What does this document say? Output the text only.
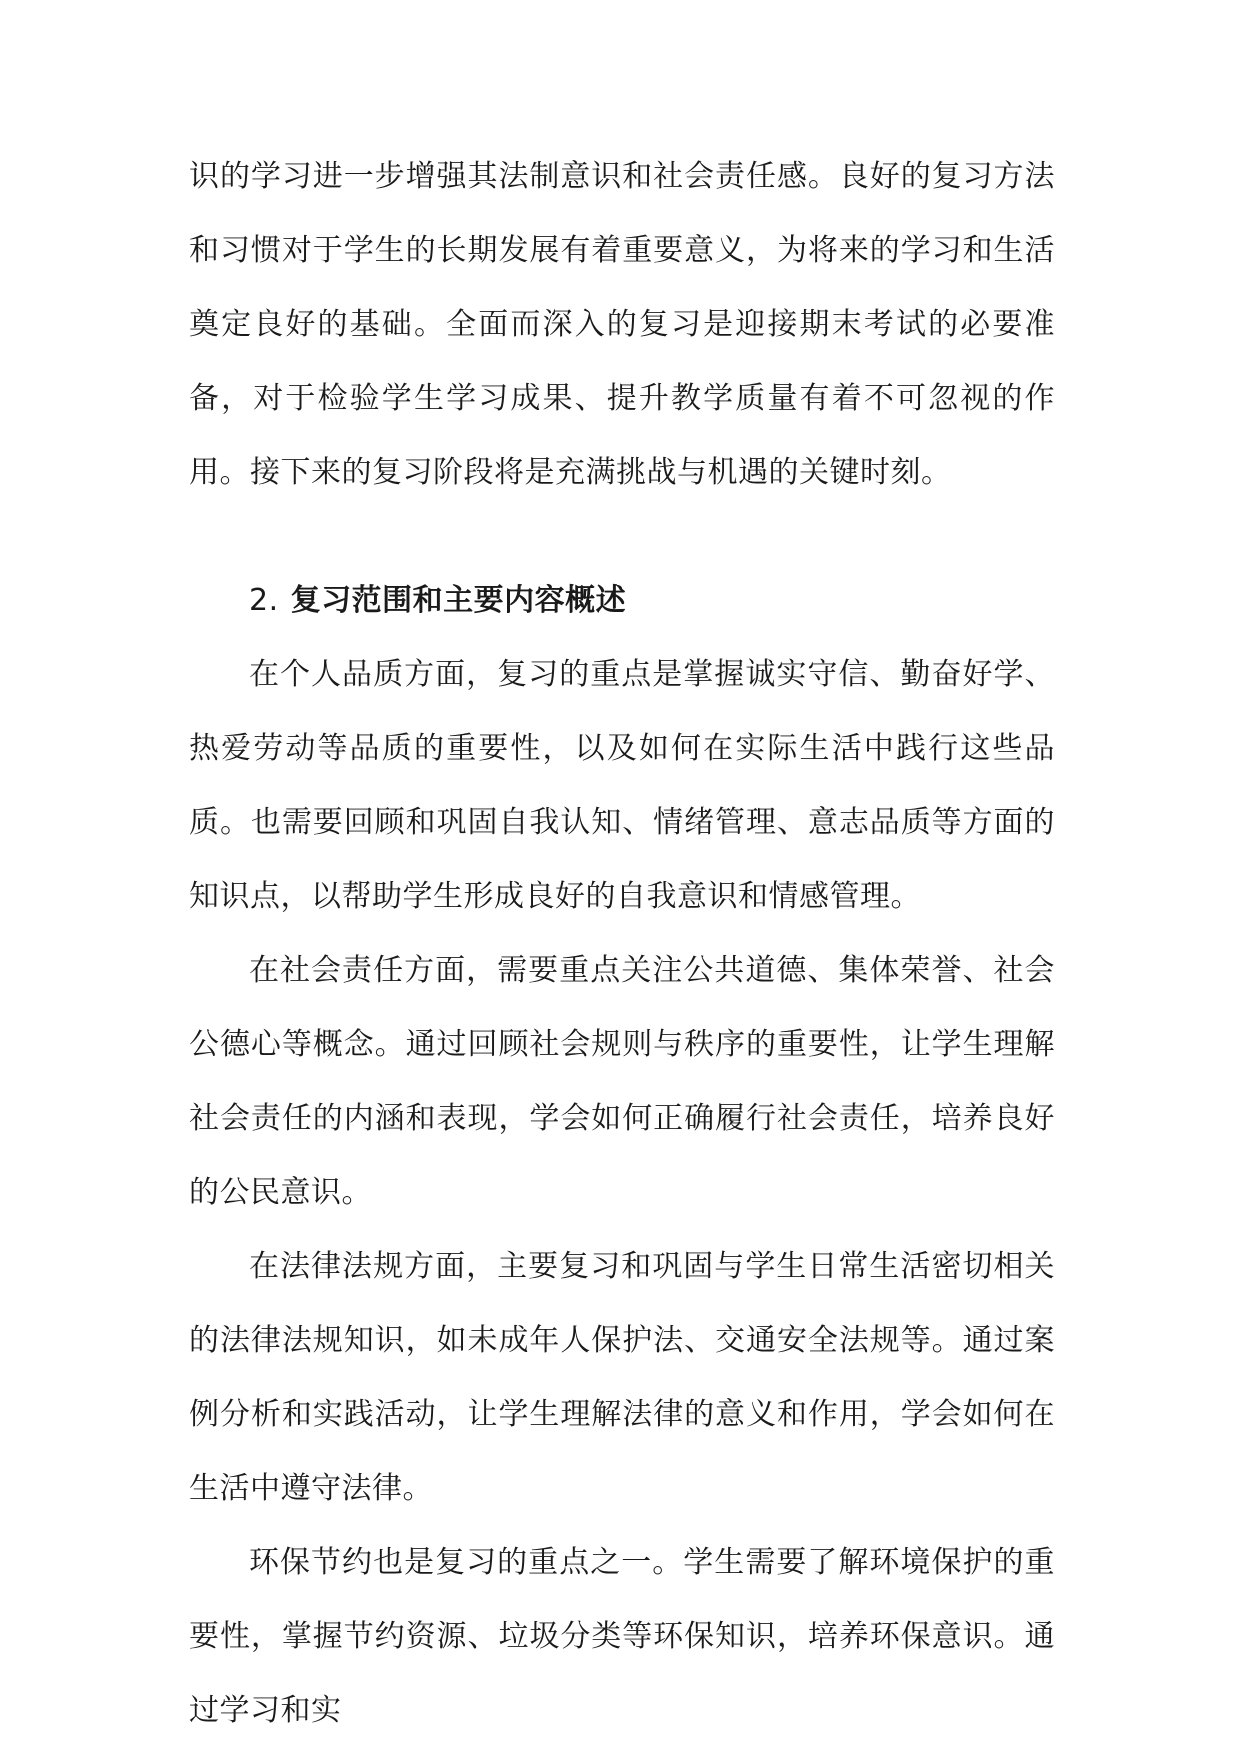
识的学习进一步增强其法制意识和社会责任感。良好的复习方法和习惯对于学生的长期发展有着重要意义，为将来的学习和生活奠定良好的基础。全面而深入的复习是迎接期末考试的必要准备，对于检验学生学习成果、提升教学质量有着不可忽视的作用。接下来的复习阶段将是充满挑战与机遇的关键时刻。

2. 复习范围和主要内容概述

在个人品质方面，复习的重点是掌握诚实守信、勤奋好学、热爱劳动等品质的重要性，以及如何在实际生活中践行这些品质。也需要回顾和巩固自我认知、情绪管理、意志品质等方面的知识点，以帮助学生形成良好的自我意识和情感管理。

在社会责任方面，需要重点关注公共道德、集体荣誉、社会公德心等概念。通过回顾社会规则与秩序的重要性，让学生理解社会责任的内涵和表现，学会如何正确履行社会责任，培养良好的公民意识。

在法律法规方面，主要复习和巩固与学生日常生活密切相关的法律法规知识，如未成年人保护法、交通安全法规等。通过案例分析和实践活动，让学生理解法律的意义和作用，学会如何在生活中遵守法律。

环保节约也是复习的重点之一。学生需要了解环境保护的重要性，掌握节约资源、垃圾分类等环保知识，培养环保意识。通过学习和实
